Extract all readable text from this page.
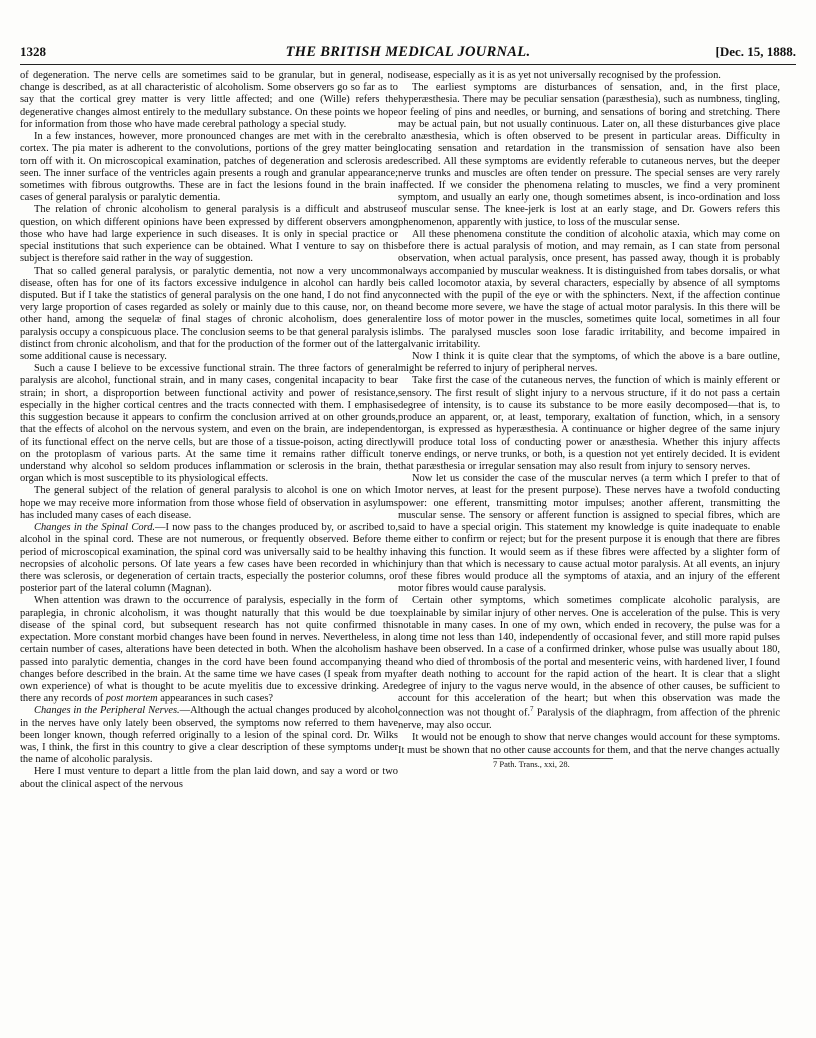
1328	THE BRITISH MEDICAL JOURNAL.	[Dec. 15, 1888.

of degeneration. The nerve cells are sometimes said to be granular, but in general, no change is described, as at all characteristic of alcoholism. Some observers go so far as to say that the cortical grey matter is very little affected; and one (Wille) refers the degenerative changes almost entirely to the medullary substance. On these points we hope for information from those who have made cerebral pathology a special study.

In a few instances, however, more pronounced changes are met with in the cerebral cortex. The pia mater is adherent to the convolutions, portions of the grey matter being torn off with it. On microscopical examination, patches of degeneration and sclerosis are seen. The inner surface of the ventricles again presents a rough and granular appearance; sometimes with fibrous outgrowths. These are in fact the lesions found in the brain in cases of general paralysis or paralytic dementia.

The relation of chronic alcoholism to general paralysis is a difficult and abstruse question, on which different opinions have been expressed by different observers among those who have had large experience in such diseases. It is only in special practice or special institutions that such experience can be obtained. What I venture to say on this subject is therefore said rather in the way of suggestion.

That so called general paralysis, or paralytic dementia, not now a very uncommon disease, often has for one of its factors excessive indulgence in alcohol can hardly be disputed. But if I take the statistics of general paralysis on the one hand, I do not find any very large proportion of cases regarded as solely or mainly due to this cause, nor, on the other hand, among the sequelæ of final stages of chronic alcoholism, does general paralysis occupy a conspicuous place. The conclusion seems to be that general paralysis is distinct from chronic alcoholism, and that for the production of the former out of the latter some additional cause is necessary.

Such a cause I believe to be excessive functional strain. The three factors of general paralysis are alcohol, functional strain, and in many cases, congenital incapacity to bear strain; in short, a disproportion between functional activity and power of resistance, especially in the higher cortical centres and the tracts connected with them. I emphasise this suggestion because it appears to confirm the conclusion arrived at on other grounds, that the effects of alcohol on the nervous system, and even on the brain, are independent of its functional effect on the nerve cells, but are those of a tissue-poison, acting directly on the protoplasm of various parts. At the same time it remains rather difficult to understand why alcohol so seldom produces inflammation or sclerosis in the brain, the organ which is most susceptible to its physiological effects.

The general subject of the relation of general paralysis to alcohol is one on which I hope we may receive more information from those whose field of observation in asylums has included many cases of each disease.

Changes in the Spinal Cord.—I now pass to the changes produced by, or ascribed to, alcohol in the spinal cord. These are not numerous, or frequently observed. Before the period of microscopical examination, the spinal cord was universally said to be healthy in necropsies of alcoholic persons. Of late years a few cases have been recorded in which there was sclerosis, or degeneration of certain tracts, especially the posterior columns, or posterior part of the lateral column (Magnan).

When attention was drawn to the occurrence of paralysis, especially in the form of paraplegia, in chronic alcoholism, it was thought naturally that this would be due to disease of the spinal cord, but subsequent research has not quite confirmed this expectation. More constant morbid changes have been found in nerves. Nevertheless, in a certain number of cases, alterations have been detected in both. When the alcoholism has passed into paralytic dementia, changes in the cord have been found accompanying the changes before described in the brain. At the same time we have cases (I speak from my own experience) of what is thought to be acute myelitis due to excessive drinking. Are there any records of post mortem appearances in such cases?

Changes in the Peripheral Nerves.—Although the actual changes produced by alcohol in the nerves have only lately been observed, the symptoms now referred to them have been longer known, though referred originally to a lesion of the spinal cord. Dr. Wilks was, I think, the first in this country to give a clear description of these symptoms under the name of alcoholic paralysis.

Here I must venture to depart a little from the plan laid down, and say a word or two about the clinical aspect of the nervous

disease, especially as it is as yet not universally recognised by the profession.

The earliest symptoms are disturbances of sensation, and, in the first place, hyperæsthesia. There may be peculiar sensation (paræsthesia), such as numbness, tingling, or feeling of pins and needles, or burning, and sensations of boring and stretching. There may be actual pain, but not usually continuous. Later on, all these disturbances give place to anæsthesia, which is often observed to be present in particular areas. Difficulty in locating sensation and retardation in the transmission of sensation have also been described. All these symptoms are evidently referable to cutaneous nerves, but the deeper nerve trunks and muscles are often tender on pressure. The special senses are very rarely affected. If we consider the phenomena relating to muscles, we find a very prominent symptom, and usually an early one, though sometimes absent, is inco-ordination and loss of muscular sense. The knee-jerk is lost at an early stage, and Dr. Gowers refers this phenomenon, apparently with justice, to loss of the muscular sense.

All these phenomena constitute the condition of alcoholic ataxia, which may come on before there is actual paralysis of motion, and may remain, as I can state from personal observation, when actual paralysis, once present, has passed away, though it is probably always accompanied by muscular weakness. It is distinguished from tabes dorsalis, or what is called locomotor ataxia, by several characters, especially by absence of all symptoms connected with the pupil of the eye or with the sphincters. Next, if the affection continue and become more severe, we have the stage of actual motor paralysis. In this there will be entire loss of motor power in the muscles, sometimes quite local, sometimes in all four limbs. The paralysed muscles soon lose faradic irritability, and become impaired in galvanic irritability.

Now I think it is quite clear that the symptoms, of which the above is a bare outline, might be referred to injury of peripheral nerves.

Take first the case of the cutaneous nerves, the function of which is mainly efferent or sensory. The first result of slight injury to a nervous structure, if it do not pass a certain degree of intensity, is to cause its substance to be more easily decomposed—that is, to produce an apparent, or, at least, temporary, exaltation of function, which, in a sensory organ, is expressed as hyperæsthesia. A continuance or higher degree of the same injury will produce total loss of conducting power or anæsthesia. Whether this injury affects nerve endings, or nerve trunks, or both, is a question not yet entirely decided. It is evident that paræsthesia or irregular sensation may also result from injury to sensory nerves.

Now let us consider the case of the muscular nerves (a term which I prefer to that of motor nerves, at least for the present purpose). These nerves have a twofold conducting power: one efferent, transmitting motor impulses; another afferent, transmitting the muscular sense. The sensory or afferent function is assigned to special fibres, which are said to have a special origin. This statement my knowledge is quite inadequate to enable me either to confirm or reject; but for the present purpose it is enough that there are fibres having this function. It would seem as if these fibres were affected by a slighter form of injury than that which is necessary to cause actual motor paralysis. At all events, an injury of these fibres would produce all the symptoms of ataxia, and an injury of the efferent motor fibres would cause paralysis.

Certain other symptoms, which sometimes complicate alcoholic paralysis, are explainable by similar injury of other nerves. One is acceleration of the pulse. This is very notable in many cases. In one of my own, which ended in recovery, the pulse was for a long time not less than 140, independently of occasional fever, and still more rapid pulses have been observed. In a case of a confirmed drinker, whose pulse was usually about 180, and who died of thrombosis of the portal and mesenteric veins, with hardened liver, I found after death nothing to account for the rapid action of the heart. It is clear that a slight degree of injury to the vagus nerve would, in the absence of other causes, be sufficient to account for this acceleration of the heart; but when this observation was made the connection was not thought of.$^7$ Paralysis of the diaphragm, from affection of the phrenic nerve, may also occur.

It would not be enough to show that nerve changes would account for these symptoms. It must be shown that no other cause accounts for them, and that the nerve changes actually

7 Path. Trans., xxi, 28.
